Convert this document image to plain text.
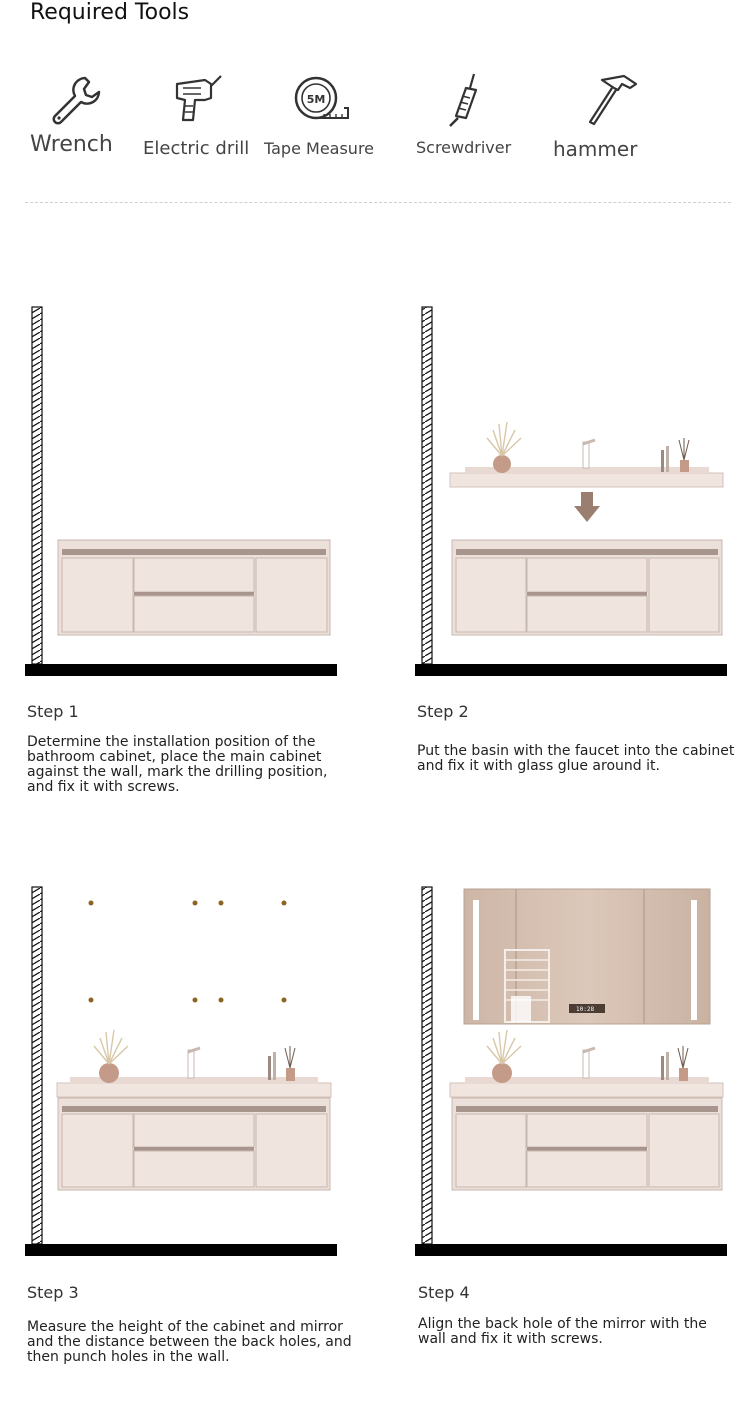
Required Tools
Wrench Electric drill
5M
Tape Measure	Screwdriver hammer
Step 1
Determine the installation position of the bathroom cabinet, place the main cabinet against the wall, mark the drilling position, and fix it with screws.
Step 2
Put the basin with the faucet into the cabinet and fix it with glass glue around it.
Step 3
Measure the height of the cabinet and mirror and the distance between the back holes, and then punch holes in the wall.
10:28
Step 4
Align the back hole of the mirror with the wall and fix it with screws.
